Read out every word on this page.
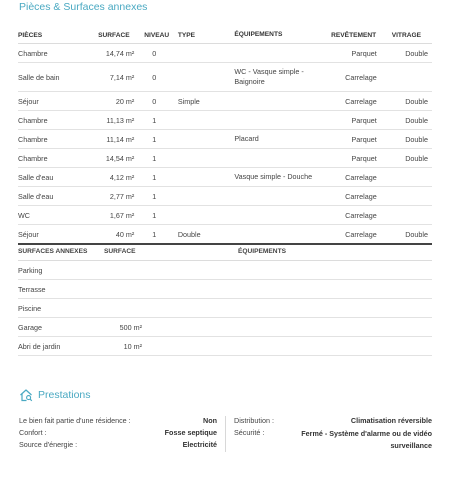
Pièces & Surfaces annexes
PIÈCES	SURFACE	NIVEAU	TYPE	ÉQUIPEMENTS	REVÊTEMENT	VITRAGE
Chambre	14,74 m²	0			Parquet	Double
Salle de bain	7,14 m²	0		WC - Vasque simple - Baignoire	Carrelage	
Séjour	20 m²	0	Simple		Carrelage	Double
Chambre	11,13 m²	1			Parquet	Double
Chambre	11,14 m²	1		Placard	Parquet	Double
Chambre	14,54 m²	1			Parquet	Double
Salle d'eau	4,12 m²	1		Vasque simple - Douche	Carrelage	
Salle d'eau	2,77 m²	1			Carrelage	
WC	1,67 m²	1			Carrelage	
Séjour	40 m²	1	Double		Carrelage	Double
SURFACES ANNEXES	SURFACE		ÉQUIPEMENTS
Parking			
Terrasse			
Piscine			
Garage	500 m²		
Abri de jardin	10 m²		
Prestations
Le bien fait partie d'une résidence :	Non
Confort :	Fosse septique
Source d'énergie :	Electricité
Distribution :	Climatisation réversible
Sécurité :	Fermé - Système d'alarme ou de vidéo surveillance
